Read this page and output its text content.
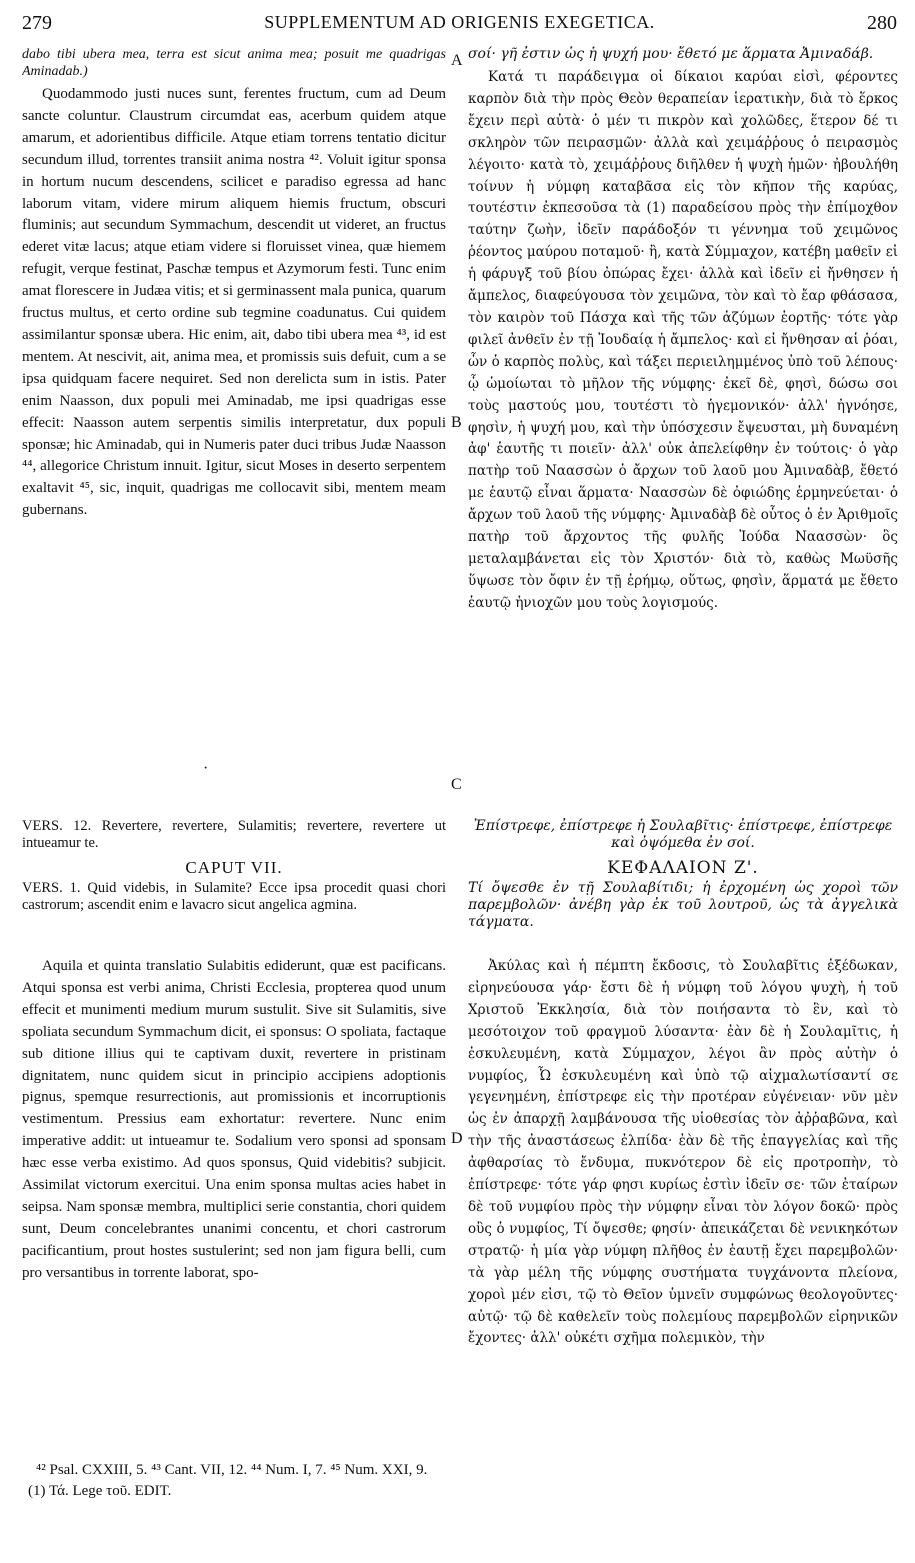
279	SUPPLEMENTUM AD ORIGENIS EXEGETICA.	280

dabo tibi ubera mea, terra est sicut anima mea; posuit me quadrigas Aminadab.)

Quodammodo justi nuces sunt, ferentes fructum, cum ad Deum sancte coluntur. Claustrum circumdat eas, acerbum quidem atque amarum, et adorientibus difficile. Atque etiam torrens tentatio dicitur secundum illud, torrentes transiit anima nostra ⁴². Voluit igitur sponsa in hortum nucum descendens, scilicet e paradiso egressa ad hanc laborum vitam, videre mirum aliquem hiemis fructum, obscuri fluminis; aut secundum Symmachum, descendit ut videret, an fructus ederet vitæ lacus; atque etiam videre si floruisset vinea, quæ hiemem refugit, verque festinat, Paschæ tempus et Azymorum festi. Tunc enim amat florescere in Judæa vitis; et si germinassent mala punica, quarum fructus multus, et certo ordine sub tegmine coadunatus. Cui quidem assimilantur sponsæ ubera. Hic enim, ait, dabo tibi ubera mea ⁴³, id est mentem. At nescivit, ait, anima mea, et promissis suis defuit, cum a se ipsa quidquam facere nequiret. Sed non derelicta sum in istis. Pater enim Naasson, dux populi mei Aminadab, me ipsi quadrigas esse effecit: Naasson autem serpentis similis interpretatur, dux populi sponsæ; hic Aminadab, qui in Numeris pater duci tribus Judæ Naasson ⁴⁴, allegorice Christum innuit. Igitur, sicut Moses in deserto serpentem exaltavit ⁴⁵, sic, inquit, quadrigas me collocavit sibi, mentem meam gubernans.

σοί· γῆ ἐστιν ὡς ἡ ψυχή μου· ἔθετό με ἅρματα Ἀμιναδάβ.

Κατά τι παράδειγμα οἱ δίκαιοι καρύαι εἰσὶ, φέροντες καρπὸν διὰ τὴν πρὸς Θεὸν θεραπείαν ἱερατικὴν, διὰ τὸ ἕρκος ἔχειν περὶ αὐτὰ· ὁ μέν τι πικρὸν καὶ χολῶδες, ἕτερον δέ τι σκληρὸν τῶν πειρασμῶν· ἀλλὰ καὶ χειμάῤῥους ὁ πειρασμὸς λέγοιτο· κατὰ τὸ, χειμάῤῥους διῆλθεν ἡ ψυχὴ ἡμῶν· ἠβουλήθη τοίνυν ἡ νύμφη καταβᾶσα εἰς τὸν κῆπον τῆς καρύας, τουτέστιν ἐκπεσοῦσα τὰ (1) παραδείσου πρὸς τὴν ἐπίμοχθον ταύτην ζωὴν, ἰδεῖν παράδοξόν τι γέννημα τοῦ χειμῶνος ῥέοντος μαύρου ποταμοῦ· ἢ, κατὰ Σύμμαχον, κατέβη μαθεῖν εἰ ἡ φάρυγξ τοῦ βίου ὀπώρας ἔχει· ἀλλὰ καὶ ἰδεῖν εἰ ἤνθησεν ἡ ἄμπελος, διαφεύγουσα τὸν χειμῶνα, τὸν καὶ τὸ ἔαρ φθάσασα, τὸν καιρὸν τοῦ Πάσχα καὶ τῆς τῶν ἀζύμων ἑορτῆς· τότε γὰρ φιλεῖ ἀνθεῖν ἐν τῇ Ἰουδαίᾳ ἡ ἄμπελος· καὶ εἰ ἤνθησαν αἱ ῥόαι, ὧν ὁ καρπὸς πολὺς, καὶ τάξει περιειλημμένος ὑπὸ τοῦ λέπους· ᾧ ὡμοίωται τὸ μῆλον τῆς νύμφης· ἐκεῖ δὲ, φησὶ, δώσω σοι τοὺς μαστούς μου, τουτέστι τὸ ἡγεμονικόν· ἀλλ' ἠγνόησε, φησὶν, ἡ ψυχή μου, καὶ τὴν ὑπόσχεσιν ἔψευσται, μὴ δυναμένη ἀφ' ἑαυτῆς τι ποιεῖν· ἀλλ' οὐκ ἀπελείφθην ἐν τούτοις· ὁ γὰρ πατὴρ τοῦ Ναασσὼν ὁ ἄρχων τοῦ λαοῦ μου Ἀμιναδὰβ, ἔθετό με ἑαυτῷ εἶναι ἅρματα· Ναασσὼν δὲ ὀφιώδης ἑρμηνεύεται· ὁ ἄρχων τοῦ λαοῦ τῆς νύμφης· Ἀμιναδὰβ δὲ οὗτος ὁ ἐν Ἀριθμοῖς πατὴρ τοῦ ἄρχοντος τῆς φυλῆς Ἰούδα Ναασσὼν· ὃς μεταλαμβάνεται εἰς τὸν Χριστόν· διὰ τὸ, καθὼς Μωϋσῆς ὕψωσε τὸν ὄφιν ἐν τῇ ἐρήμῳ, οὕτως, φησὶν, ἅρματά με ἔθετο ἑαυτῷ ἡνιοχῶν μου τοὺς λογισμούς.

·
VERS. 12. Revertere, revertere, Sulamitis; revertere, revertere ut intueamur te.
CAPUT VII.
Ἐπίστρεφε, ἐπίστρεφε ἡ Σουλαβῖτις· ἐπίστρεφε, ἐπίστρεφε καὶ ὀψόμεθα ἐν σοί.
ΚΕΦΑΛΑΙΟΝ Ζ'.
VERS. 1. Quid videbis, in Sulamite? Ecce ipsa procedit quasi chori castrorum; ascendit enim e lavacro sicut angelica agmina.
Τί ὄψεσθε ἐν τῇ Σουλαβίτιδι; ἡ ἐρχομένη ὡς χοροὶ τῶν παρεμβολῶν· ἀνέβη γὰρ ἐκ τοῦ λουτροῦ, ὡς τὰ ἀγγελικὰ τάγματα.

Aquila et quinta translatio Sulabitis ediderunt, quæ est pacificans. Atqui sponsa est verbi anima, Christi Ecclesia, propterea quod unum effecit et munimenti medium murum sustulit. Sive sit Sulamitis, sive spoliata secundum Symmachum dicit, ei sponsus: O spoliata, factaque sub ditione illius qui te captivam duxit, revertere in pristinam dignitatem, nunc quidem sicut in principio accipiens adoptionis pignus, spemque resurrectionis, aut promissionis et incorruptionis vestimentum. Pressius eam exhortatur: revertere. Nunc enim imperative addit: ut intueamur te. Sodalium vero sponsi ad sponsam hæc esse verba existimo. Ad quos sponsus, Quid videbitis? subjicit. Assimilat victorum exercitui. Una enim sponsa multas acies habet in seipsa. Nam sponsæ membra, multiplici serie constantia, chori quidem sunt, Deum concelebrantes unanimi concentu, et chori castrorum pacificantium, prout hostes sustulerint; sed non jam figura belli, cum pro versantibus in torrente laborat, spo-

Ἀκύλας καὶ ἡ πέμπτη ἔκδοσις, τὸ Σουλαβῖτις ἐξέδωκαν, εἰρηνεύουσα γάρ· ἔστι δὲ ἡ νύμφη τοῦ λόγου ψυχὴ, ἡ τοῦ Χριστοῦ Ἐκκλησία, διὰ τὸν ποιήσαντα τὸ ἓν, καὶ τὸ μεσότοιχον τοῦ φραγμοῦ λύσαντα· ἐὰν δὲ ἡ Σουλαμῖτις, ἡ ἐσκυλευμένη, κατὰ Σύμμαχον, λέγοι ἂν πρὸς αὐτὴν ὁ νυμφίος, Ὦ ἐσκυλευμένη καὶ ὑπὸ τῷ αἰχμαλωτίσαντί σε γεγενημένη, ἐπίστρεφε εἰς τὴν προτέραν εὐγένειαν· νῦν μὲν ὡς ἐν ἀπαρχῇ λαμβάνουσα τῆς υἱοθεσίας τὸν ἀῤῥαβῶνα, καὶ τὴν τῆς ἀναστάσεως ἐλπίδα· ἐὰν δὲ τῆς ἐπαγγελίας καὶ τῆς ἀφθαρσίας τὸ ἔνδυμα, πυκνότερον δὲ εἰς προτροπὴν, τὸ ἐπίστρεφε· τότε γάρ φησι κυρίως ἐστὶν ἰδεῖν σε· τῶν ἑταίρων δὲ τοῦ νυμφίου πρὸς τὴν νύμφην εἶναι τὸν λόγον δοκῶ· πρὸς οὓς ὁ νυμφίος, Τί ὄψεσθε; φησίν· ἀπεικάζεται δὲ νενικηκότων στρατῷ· ἡ μία γὰρ νύμφη πλῆθος ἐν ἑαυτῇ ἔχει παρεμβολῶν· τὰ γὰρ μέλη τῆς νύμφης συστήματα τυγχάνοντα πλείονα, χοροὶ μέν εἰσι, τῷ τὸ Θεῖον ὑμνεῖν συμφώνως θεολογοῦντες· αὐτῷ· τῷ δὲ καθελεῖν τοὺς πολεμίους παρεμβολῶν εἰρηνικῶν ἔχοντες· ἀλλ' οὐκέτι σχῆμα πολεμικὸν, τὴν

A
B
C
D
⁴² Psal. CXXIII, 5. ⁴³ Cant. VII, 12. ⁴⁴ Num. I, 7. ⁴⁵ Num. XXI, 9.
(1) Τά. Lege τοῦ. EDIT.
